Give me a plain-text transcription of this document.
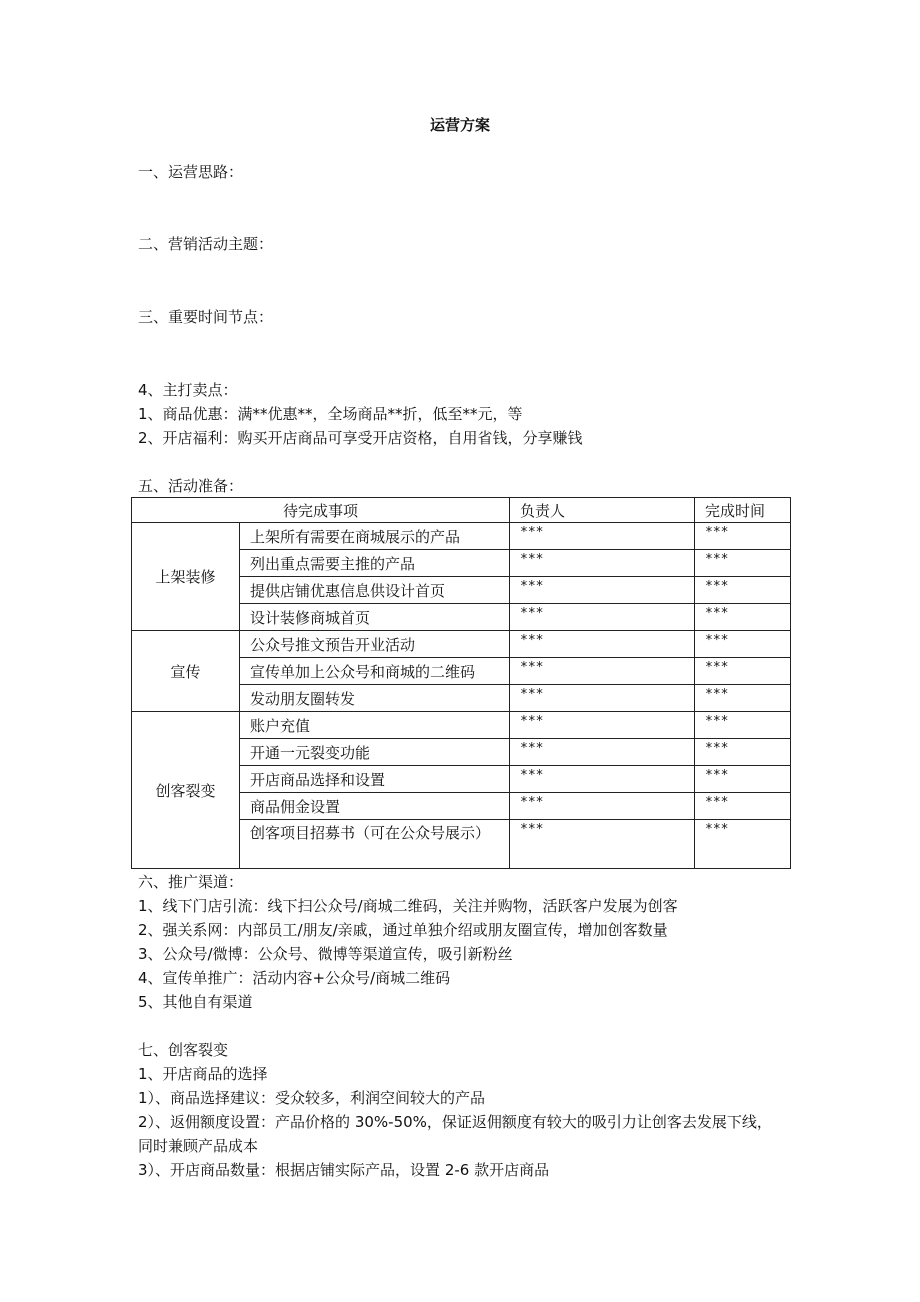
运营方案
一、运营思路：
二、营销活动主题：
三、重要时间节点：
4、主打卖点：
1、商品优惠：满**优惠**，全场商品**折，低至**元，等
2、开店福利：购买开店商品可享受开店资格，自用省钱，分享赚钱
五、活动准备：
待完成事项		负责人	完成时间
上架装修	上架所有需要在商城展示的产品	***	***
	列出重点需要主推的产品	***	***
	提供店铺优惠信息供设计首页	***	***
	设计装修商城首页	***	***
宣传	公众号推文预告开业活动	***	***
	宣传单加上公众号和商城的二维码	***	***
	发动朋友圈转发	***	***
创客裂变	账户充值	***	***
	开通一元裂变功能	***	***
	开店商品选择和设置	***	***
	商品佣金设置	***	***
	创客项目招募书（可在公众号展示）	***	***
六、推广渠道：
1、线下门店引流：线下扫公众号/商城二维码，关注并购物，活跃客户发展为创客
2、强关系网：内部员工/朋友/亲戚，通过单独介绍或朋友圈宣传，增加创客数量
3、公众号/微博：公众号、微博等渠道宣传，吸引新粉丝
4、宣传单推广：活动内容+公众号/商城二维码
5、其他自有渠道
七、创客裂变
1、开店商品的选择
1）、商品选择建议：受众较多，利润空间较大的产品
2）、返佣额度设置：产品价格的 30%-50%，保证返佣额度有较大的吸引力让创客去发展下线，同时兼顾产品成本
3）、开店商品数量：根据店铺实际产品，设置 2-6 款开店商品
